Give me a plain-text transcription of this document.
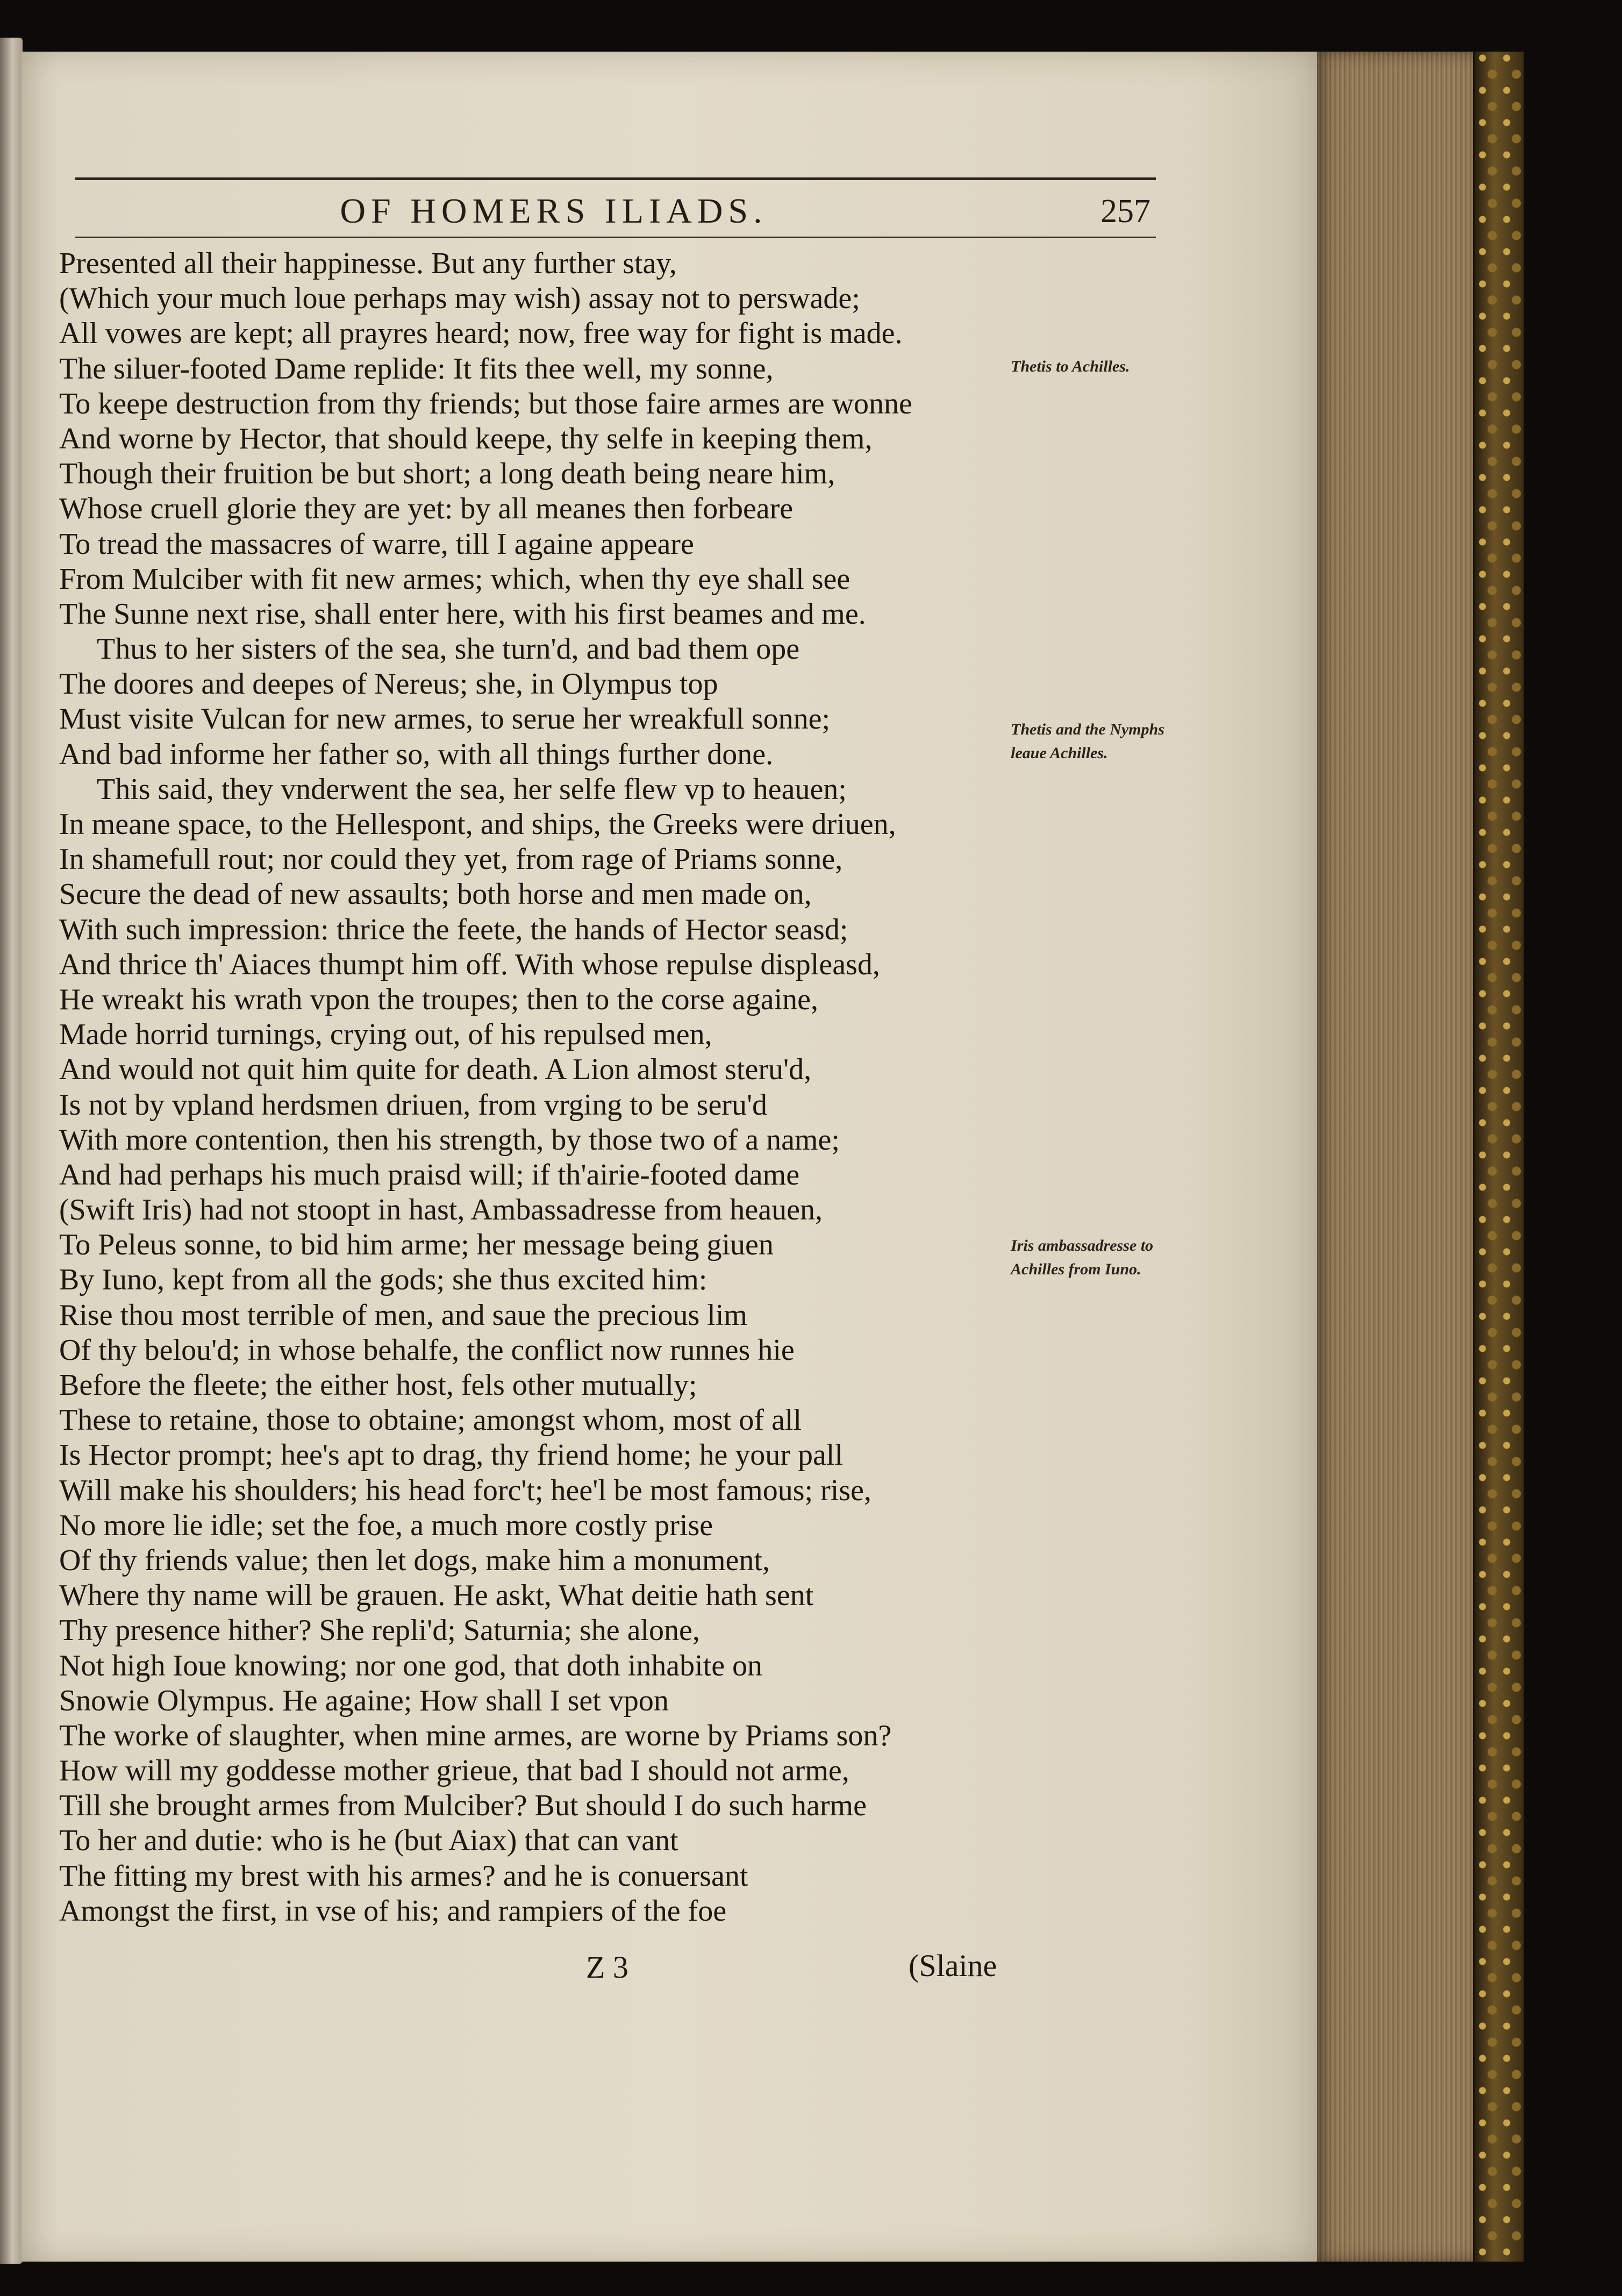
OF HOMERS ILIADS.	257
Presented all their happinesse. But any further stay,
(Which your much loue perhaps may wish) assay not to perswade;
All vowes are kept; all prayres heard; now, free way for fight is made.
The siluer-footed Dame replide: It fits thee well, my sonne,
To keepe destruction from thy friends; but those faire armes are wonne
And worne by Hector, that should keepe, thy selfe in keeping them,
Though their fruition be but short; a long death being neare him,
Whose cruell glorie they are yet: by all meanes then forbeare
To tread the massacres of warre, till I againe appeare
From Mulciber with fit new armes; which, when thy eye shall see
The Sunne next rise, shall enter here, with his first beames and me.
Thus to her sisters of the sea, she turn'd, and bad them ope
The doores and deepes of Nereus; she, in Olympus top
Must visite Vulcan for new armes, to serue her wreakfull sonne;
And bad informe her father so, with all things further done.
This said, they vnderwent the sea, her selfe flew vp to heauen;
In meane space, to the Hellespont, and ships, the Greeks were driuen,
In shamefull rout; nor could they yet, from rage of Priams sonne,
Secure the dead of new assaults; both horse and men made on,
With such impression: thrice the feete, the hands of Hector seasd;
And thrice th' Aiaces thumpt him off. With whose repulse displeasd,
He wreakt his wrath vpon the troupes; then to the corse againe,
Made horrid turnings, crying out, of his repulsed men,
And would not quit him quite for death. A Lion almost steru'd,
Is not by vpland herdsmen driuen, from vrging to be seru'd
With more contention, then his strength, by those two of a name;
And had perhaps his much praisd will; if th'airie-footed dame
(Swift Iris) had not stoopt in hast, Ambassadresse from heauen,
To Peleus sonne, to bid him arme; her message being giuen
By Iuno, kept from all the gods; she thus excited him:
Rise thou most terrible of men, and saue the precious lim
Of thy belou'd; in whose behalfe, the conflict now runnes hie
Before the fleete; the either host, fels other mutually;
These to retaine, those to obtaine; amongst whom, most of all
Is Hector prompt; hee's apt to drag, thy friend home; he your pall
Will make his shoulders; his head forc't; hee'l be most famous; rise,
No more lie idle; set the foe, a much more costly prise
Of thy friends value; then let dogs, make him a monument,
Where thy name will be grauen. He askt, What deitie hath sent
Thy presence hither? She repli'd; Saturnia; she alone,
Not high Ioue knowing; nor one god, that doth inhabite on
Snowie Olympus. He againe; How shall I set vpon
The worke of slaughter, when mine armes, are worne by Priams son?
How will my goddesse mother grieue, that bad I should not arme,
Till she brought armes from Mulciber? But should I do such harme
To her and dutie: who is he (but Aiax) that can vant
The fitting my brest with his armes? and he is conuersant
Amongst the first, in vse of his; and rampiers of the foe
Thetis to Achilles.
Thetis and the Nymphs leaue Achilles.
Iris ambassadresse to Achilles from Iuno.
Z 3	(Slaine
